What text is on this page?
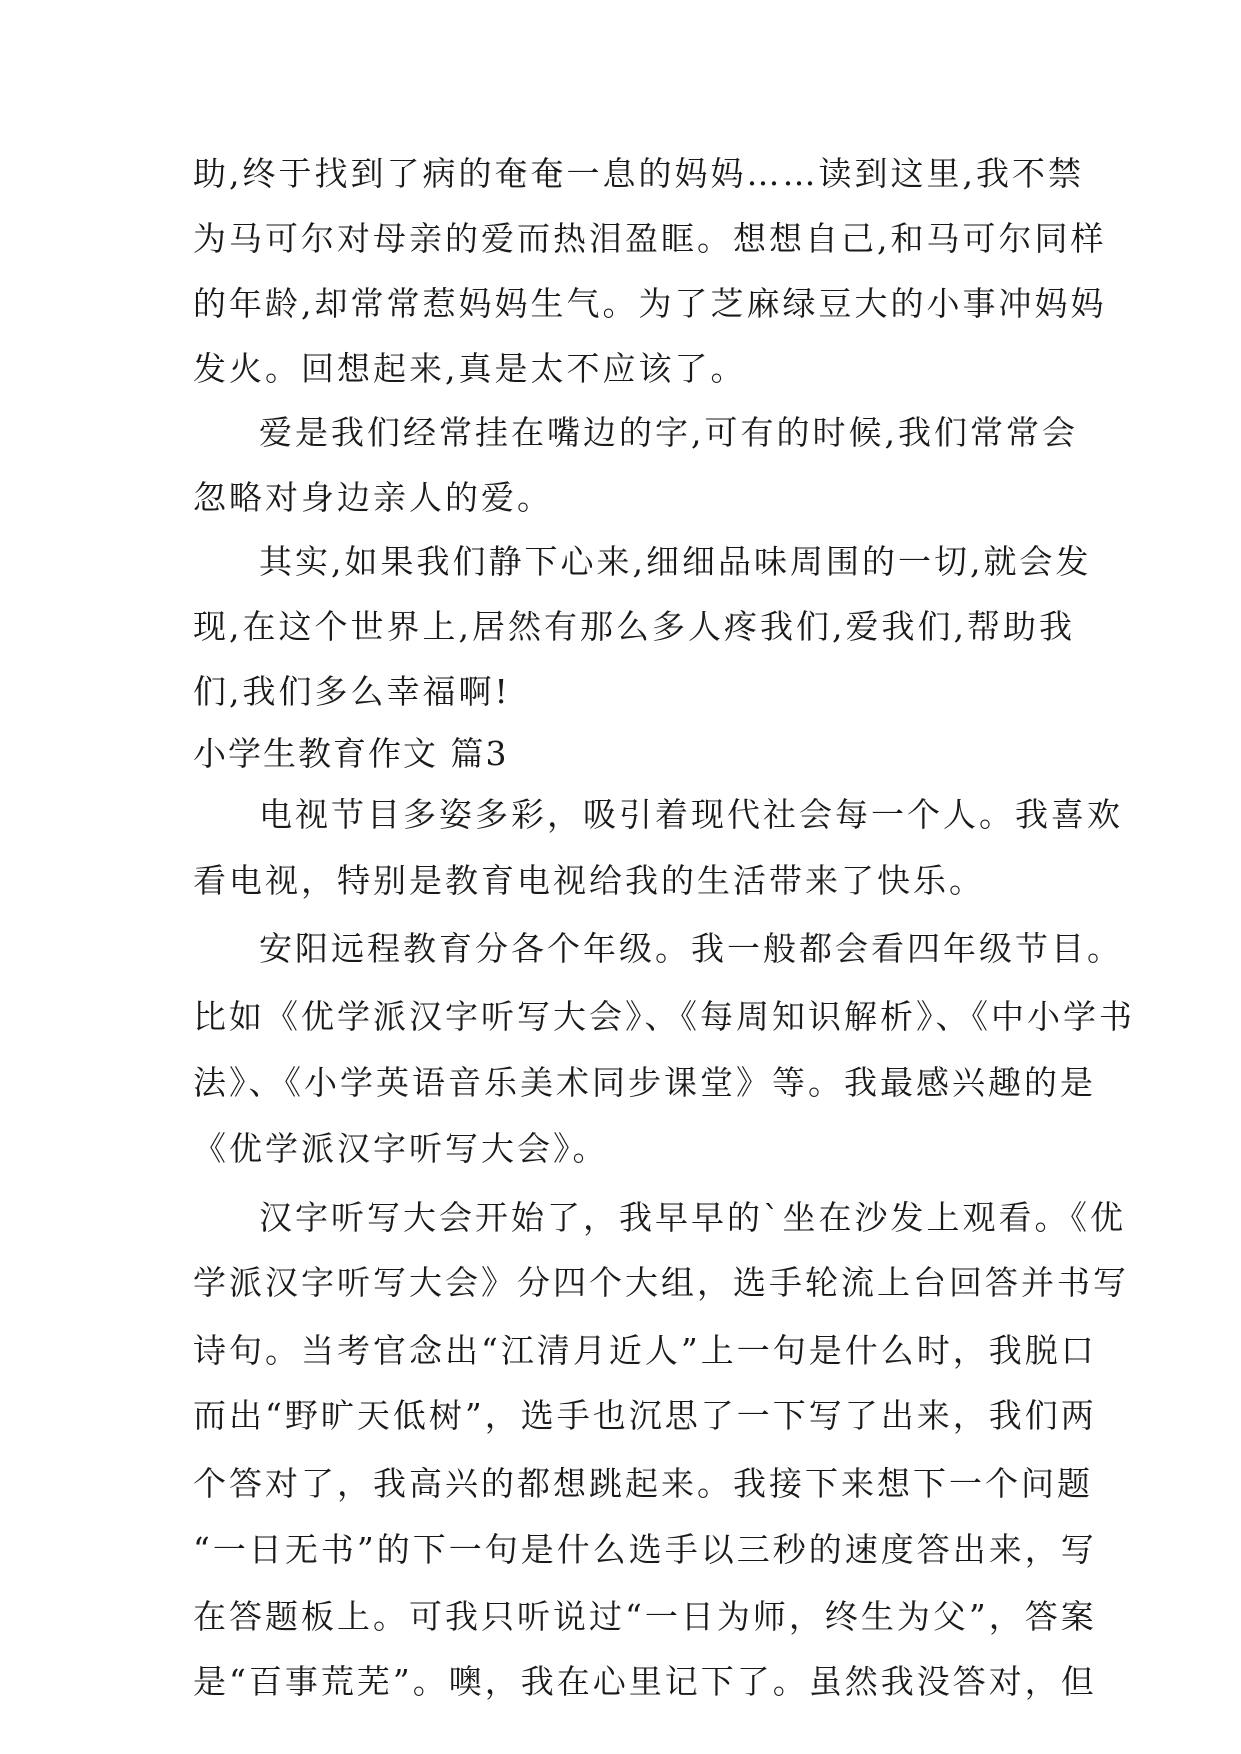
助,终于找到了病的奄奄一息的妈妈……读到这里,我不禁
为马可尔对母亲的爱而热泪盈眶。想想自己,和马可尔同样
的年龄,却常常惹妈妈生气。为了芝麻绿豆大的小事冲妈妈
发火。回想起来,真是太不应该了。
爱是我们经常挂在嘴边的字,可有的时候,我们常常会
忽略对身边亲人的爱。
其实,如果我们静下心来,细细品味周围的一切,就会发
现,在这个世界上,居然有那么多人疼我们,爱我们,帮助我
们,我们多么幸福啊!
小学生教育作文 篇3
电视节目多姿多彩，吸引着现代社会每一个人。我喜欢
看电视，特别是教育电视给我的生活带来了快乐。
安阳远程教育分各个年级。我一般都会看四年级节目。
比如《优学派汉字听写大会》、《每周知识解析》、《中小学书
法》、《小学英语音乐美术同步课堂》等。我最感兴趣的是
《优学派汉字听写大会》。
汉字听写大会开始了，我早早的`坐在沙发上观看。《优
学派汉字听写大会》分四个大组，选手轮流上台回答并书写
诗句。当考官念出“江清月近人”上一句是什么时，我脱口
而出“野旷天低树”，选手也沉思了一下写了出来，我们两
个答对了，我高兴的都想跳起来。我接下来想下一个问题
“一日无书”的下一句是什么选手以三秒的速度答出来，写
在答题板上。可我只听说过“一日为师，终生为父”，答案
是“百事荒芜”。噢，我在心里记下了。虽然我没答对，但
